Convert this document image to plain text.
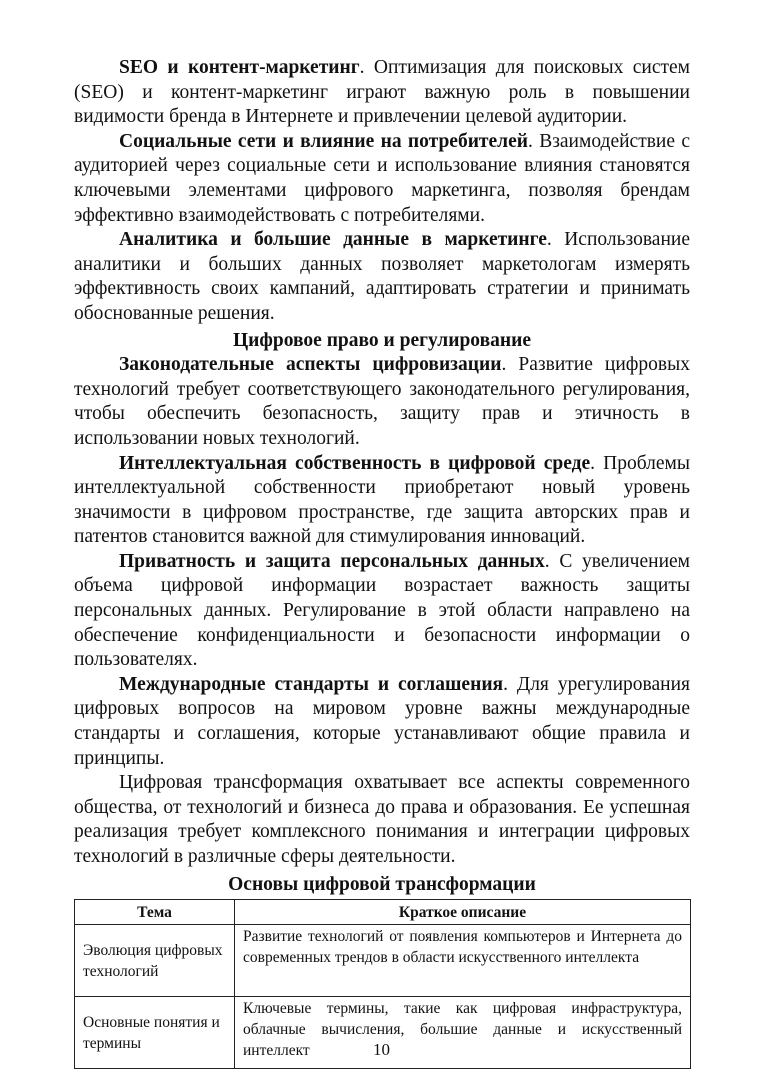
SEO и контент-маркетинг. Оптимизация для поисковых систем (SEO) и контент-маркетинг играют важную роль в повышении видимости бренда в Интернете и привлечении целевой аудитории.

Социальные сети и влияние на потребителей. Взаимодействие с аудиторией через социальные сети и использование влияния становятся ключевыми элементами цифрового маркетинга, позволяя брендам эффективно взаимодействовать с потребителями.

Аналитика и большие данные в маркетинге. Использование аналитики и больших данных позволяет маркетологам измерять эффективность своих кампаний, адаптировать стратегии и принимать обоснованные решения.

Цифровое право и регулирование

Законодательные аспекты цифровизации. Развитие цифровых технологий требует соответствующего законодательного регулирования, чтобы обеспечить безопасность, защиту прав и этичность в использовании новых технологий.

Интеллектуальная собственность в цифровой среде. Проблемы интеллектуальной собственности приобретают новый уровень значимости в цифровом пространстве, где защита авторских прав и патентов становится важной для стимулирования инноваций.

Приватность и защита персональных данных. С увеличением объема цифровой информации возрастает важность защиты персональных данных. Регулирование в этой области направлено на обеспечение конфиденциальности и безопасности информации о пользователях.

Международные стандарты и соглашения. Для урегулирования цифровых вопросов на мировом уровне важны международные стандарты и соглашения, которые устанавливают общие правила и принципы.

Цифровая трансформация охватывает все аспекты современного общества, от технологий и бизнеса до права и образования. Ее успешная реализация требует комплексного понимания и интеграции цифровых технологий в различные сферы деятельности.

Основы цифровой трансформации
Тема	Краткое описание
Эволюция цифровых технологий	Развитие технологий от появления компьютеров и Интернета до современных трендов в области искусственного интеллекта
Основные понятия и термины	Ключевые термины, такие как цифровая инфраструктура, облачные вычисления, большие данные и искусственный интеллект	10
